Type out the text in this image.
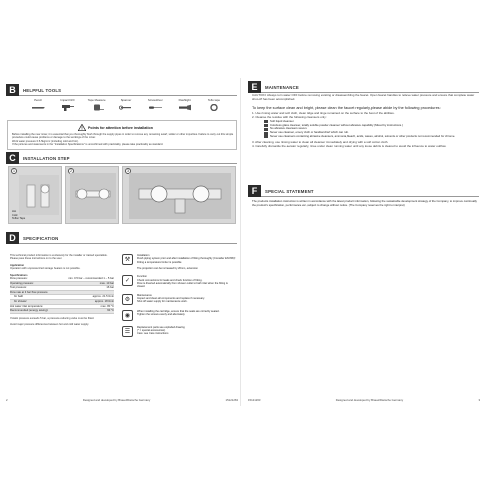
B	HELPFUL TOOLS
Pencil	Impact Drill	Tape Measure	Spanner	Screwdriver	Flashlight	Teflo tape
Points for attention before installation
Before installing the new mixer, it is essential that you thoroughly flush through the supply pipes in order to remove any remaining swarf, solder or other impurities. Failure to carry out this simple procedure could cause problems or damage to the workings of the mixer.
Work water pressure 0.5-5kg/cm² (including cold and hot).
If the pictures and statements in the "Installation Specifications" is unconfirmed with practicality, please take practicality as standard.
C	INSTALLATION STEP
1
Hot
Cold
Teflon Tape
2	3
D	SPECIFICATION
This technical product information is exclusively for the installer or trained specialists.
Please pass these instructions on to the user.
Application
Operation with unpressurized storage heaters is not possible.
Specifications
Flow pressure:	min. 0.5 bar – recommended 1 – 5 bar
Operating pressure:	max. 10 bar
Test pressure:	16 bar
Flow rate at 3 bar flow pressure
for bath	approx. 21.5 l/min
for shower:	approx. 18 l/min
Hot water inlet temperature:	max. 80 °C
Recommended (energy saving):	60 °C
If static pressure exceeds 5 bar, a pressure-reducing valve must be fitted.
Avoid major pressure differences between hot and cold water supply.
⚒
Installation
Flush piping system prior and after installation of fitting thoroughly (Consider EN 806)!
Fitting a temperature limiter is possible

The projection can be increased by 20mm, extension
✓
Function
Check connections for leaks and check function of fitting.
Flow is diverted automatically from shower outlet to bath inlet when the fitting is closed.
⚙
Maintenance
Inspect and clean all components and replace if necessary.
Shut off water supply for maintenance work.
◉
When installing the cartridge, ensure that the seals are correctly seated.
Tighten the screws evenly and alternately.
☰
Replacement parts see exploded drawing
(* = special accessories)
Care: see Care instructions
2	Designed and developed by Brauel/Dietsche Germany	15121263
E	MAINTENANCE
CAUTION: Always turn water OFF before removing existing or disassembling the faucet. Open faucet handles to relieve water pressure and ensure that complete water shut-off has been accomplished.
To keep the surface clean and bright, please clean the faucet regularly,please abide by the following procedures:
1. Use rinsing water and soft cloth, clean tidge and tinge remained on the surface to the best of the abilities.
2. Cleanse the residue with the following cleansers only:
Soft liquid cleanser.
Colorless glass cleanser, totally soluble powder cleanser without abrasive capability (Mixed by instructions.)
No abrasive cleansers woven.
Never use cleanser, emery cloth or handkerchief which can rub.
Never use cleansers containing abrasive cleansers, ammonia,bleach, acids, waxes, alcohol, solvents or other products not recommended for chrome.
3. After cleaning, use rinsing water to clean all cleanser immediately and drying with a soft cotton cloth.
4. Carefully dismantle the aerator regularly, rinse under clean running water until any loose debris is cleared to avoid the influence to water outflow.
F	SPECIAL STATEMENT
The products installation instruction is written in accordance with the latest product information, following the sustainable development strategy of the Company, to improve continually the product's specification, performance etc.,subject to change without notice. (The Company reserves the right to interpret)
15121263	Designed and developed by Brauel/Dietsche Germany	3
